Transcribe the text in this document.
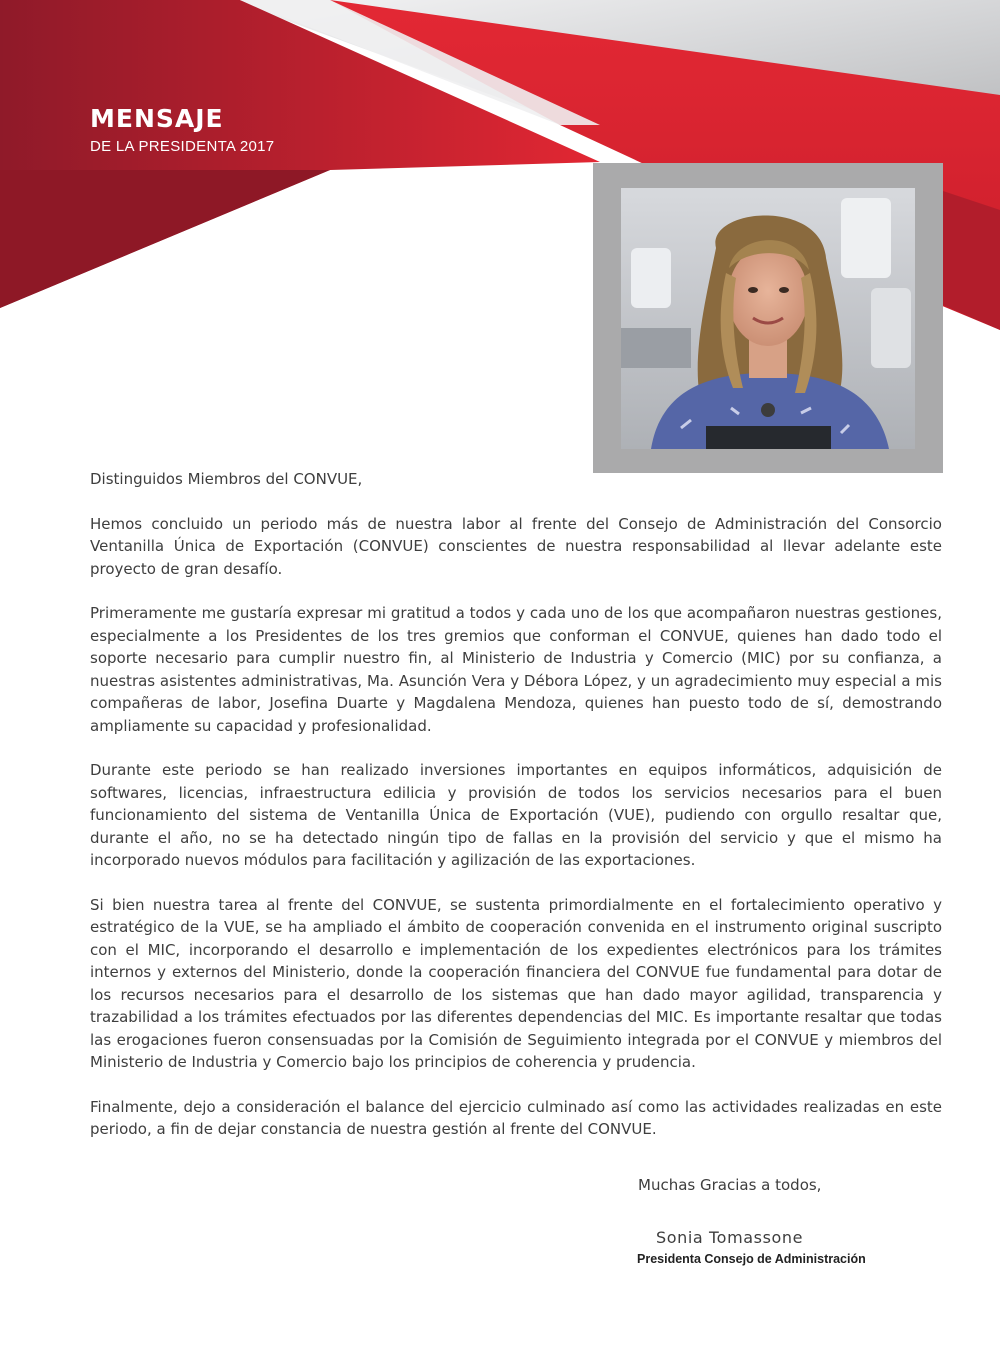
MENSAJE
DE LA PRESIDENTA 2017

Distinguidos Miembros del CONVUE,

Hemos concluido un periodo más de nuestra labor al frente del Consejo de Administración del Consorcio Ventanilla Única de Exportación (CONVUE) conscientes de nuestra responsabilidad al llevar adelante este proyecto de gran desafío.

Primeramente me gustaría expresar mi gratitud a todos y cada uno de los que acompañaron nuestras gestiones, especialmente a los Presidentes de los tres gremios que conforman el CONVUE, quienes han dado todo el soporte necesario para cumplir nuestro fin, al Ministerio de Industria y Comercio (MIC) por su confianza, a nuestras asistentes administrativas, Ma. Asunción Vera y Débora López, y un agradecimiento muy especial a mis compañeras de labor, Josefina Duarte y Magdalena Mendoza, quienes han puesto todo de sí, demostrando ampliamente su capacidad y profesionalidad.

Durante este periodo se han realizado inversiones importantes en equipos informáticos, adquisición de softwares, licencias, infraestructura edilicia y provisión de todos los servicios necesarios para el buen funcionamiento del sistema de Ventanilla Única de Exportación (VUE), pudiendo con orgullo resaltar que, durante el año, no se ha detectado ningún tipo de fallas en la provisión del servicio y que el mismo ha incorporado nuevos módulos para facilitación y agilización de las exportaciones.

Si bien nuestra tarea al frente del CONVUE, se sustenta primordialmente en el fortalecimiento operativo y estratégico de la VUE, se ha ampliado el ámbito de cooperación convenida en el instrumento original suscripto con el MIC, incorporando el desarrollo e implementación de los expedientes electrónicos para los trámites internos y externos del Ministerio, donde la cooperación financiera del CONVUE fue fundamental para dotar de los recursos necesarios para el desarrollo de los sistemas que han dado mayor agilidad, transparencia y trazabilidad a los trámites efectuados por las diferentes dependencias del MIC. Es importante resaltar que todas las erogaciones fueron consensuadas por la Comisión de Seguimiento integrada por el CONVUE y miembros del Ministerio de Industria y Comercio bajo los principios de coherencia y prudencia.

Finalmente, dejo a consideración el balance del ejercicio culminado así como las actividades realizadas en este periodo, a fin de dejar constancia de nuestra gestión al frente del CONVUE.

Muchas Gracias a todos,
Sonia Tomassone
Presidenta Consejo de Administración
